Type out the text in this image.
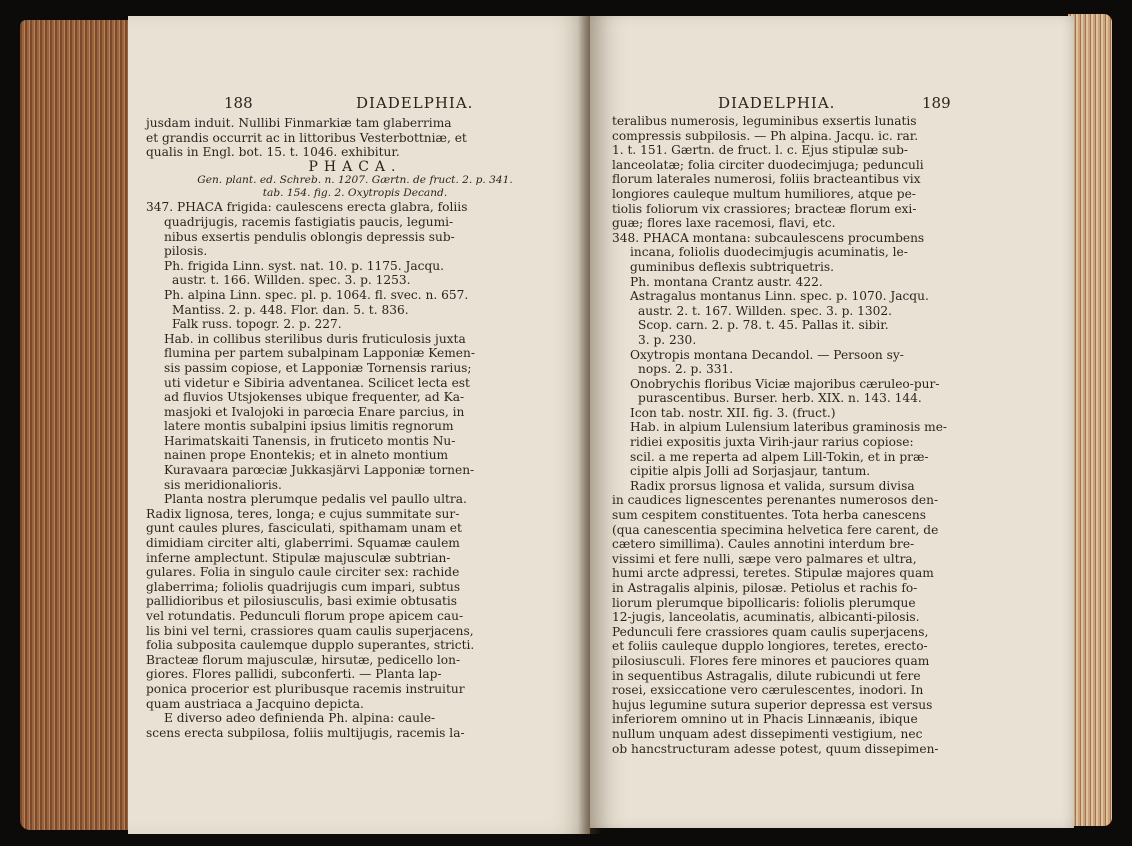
188	DIADELPHIA.

jusdam induit. Nullibi Finmarkiæ tam glaberrima

et grandis occurrit ac in littoribus Vesterbottniæ, et

qualis in Engl. bot. 15. t. 1046. exhibitur.

PHACA.

Gen. plant. ed. Schreb. n. 1207. Gærtn. de fruct. 2. p. 341.

tab. 154. fig. 2. Oxytropis Decand.

347. PHACA frigida: caulescens erecta glabra, foliis

quadrijugis, racemis fastigiatis paucis, legumi-

nibus exsertis pendulis oblongis depressis sub-

pilosis.

Ph. frigida Linn. syst. nat. 10. p. 1175. Jacqu.

austr. t. 166. Willden. spec. 3. p. 1253.

Ph. alpina Linn. spec. pl. p. 1064. fl. svec. n. 657.

Mantiss. 2. p. 448. Flor. dan. 5. t. 836.

Falk russ. topogr. 2. p. 227.

Hab. in collibus sterilibus duris fruticulosis juxta

flumina per partem subalpinam Lapponiæ Kemen-

sis passim copiose, et Lapponiæ Tornensis rarius;

uti videtur e Sibiria adventanea. Scilicet lecta est

ad fluvios Utsjokenses ubique frequenter, ad Ka-

masjoki et Ivalojoki in parœcia Enare parcius, in

latere montis subalpini ipsius limitis regnorum

Harimatskaiti Tanensis, in fruticeto montis Nu-

nainen prope Enontekis; et in alneto montium

Kuravaara parœciæ Jukkasjärvi Lapponiæ tornen-

sis meridionalioris.

Planta nostra plerumque pedalis vel paullo ultra.

Radix lignosa, teres, longa; e cujus summitate sur-

gunt caules plures, fasciculati, spithamam unam et

dimidiam circiter alti, glaberrimi. Squamæ caulem

inferne amplectunt. Stipulæ majusculæ subtrian-

gulares. Folia in singulo caule circiter sex: rachide

glaberrima; foliolis quadrijugis cum impari, subtus

pallidioribus et pilosiusculis, basi eximie obtusatis

vel rotundatis. Pedunculi florum prope apicem cau-

lis bini vel terni, crassiores quam caulis superjacens,

folia subposita caulemque dupplo superantes, stricti.

Bracteæ florum majusculæ, hirsutæ, pedicello lon-

giores. Flores pallidi, subconferti. — Planta lap-

ponica procerior est pluribusque racemis instruitur

quam austriaca a Jacquino depicta.

E diverso adeo definienda Ph. alpina: caule-

scens erecta subpilosa, foliis multijugis, racemis la-

DIADELPHIA.	189

teralibus numerosis, leguminibus exsertis lunatis

compressis subpilosis. — Ph alpina. Jacqu. ic. rar.

1. t. 151. Gærtn. de fruct. l. c. Ejus stipulæ sub-

lanceolatæ; folia circiter duodecimjuga; pedunculi

florum laterales numerosi, foliis bracteantibus vix

longiores cauleque multum humiliores, atque pe-

tiolis foliorum vix crassiores; bracteæ florum exi-

guæ; flores laxe racemosi, flavi, etc.

348. PHACA montana: subcaulescens procumbens

incana, foliolis duodecimjugis acuminatis, le-

guminibus deflexis subtriquetris.

Ph. montana Crantz austr. 422.

Astragalus montanus Linn. spec. p. 1070. Jacqu.

austr. 2. t. 167. Willden. spec. 3. p. 1302.

Scop. carn. 2. p. 78. t. 45. Pallas it. sibir.

3. p. 230.

Oxytropis montana Decandol. — Persoon sy-

nops. 2. p. 331.

Onobrychis floribus Viciæ majoribus cæruleo-pur-

purascentibus. Burser. herb. XIX. n. 143. 144.

Icon tab. nostr. XII. fig. 3. (fruct.)

Hab. in alpium Lulensium lateribus graminosis me-

ridiei expositis juxta Virih-jaur rarius copiose:

scil. a me reperta ad alpem Lill-Tokin, et in præ-

cipitie alpis Jolli ad Sorjasjaur, tantum.

Radix prorsus lignosa et valida, sursum divisa

in caudices lignescentes perenantes numerosos den-

sum cespitem constituentes. Tota herba canescens

(qua canescentia specimina helvetica fere carent, de

cætero simillima). Caules annotini interdum bre-

vissimi et fere nulli, sæpe vero palmares et ultra,

humi arcte adpressi, teretes. Stipulæ majores quam

in Astragalis alpinis, pilosæ. Petiolus et rachis fo-

liorum plerumque bipollicaris: foliolis plerumque

12-jugis, lanceolatis, acuminatis, albicanti-pilosis.

Pedunculi fere crassiores quam caulis superjacens,

et foliis cauleque dupplo longiores, teretes, erecto-

pilosiusculi. Flores fere minores et pauciores quam

in sequentibus Astragalis, dilute rubicundi ut fere

rosei, exsiccatione vero cærulescentes, inodori. In

hujus legumine sutura superior depressa est versus

inferiorem omnino ut in Phacis Linnæanis, ibique

nullum unquam adest dissepimenti vestigium, nec

ob hancstructuram adesse potest, quum dissepimen-
